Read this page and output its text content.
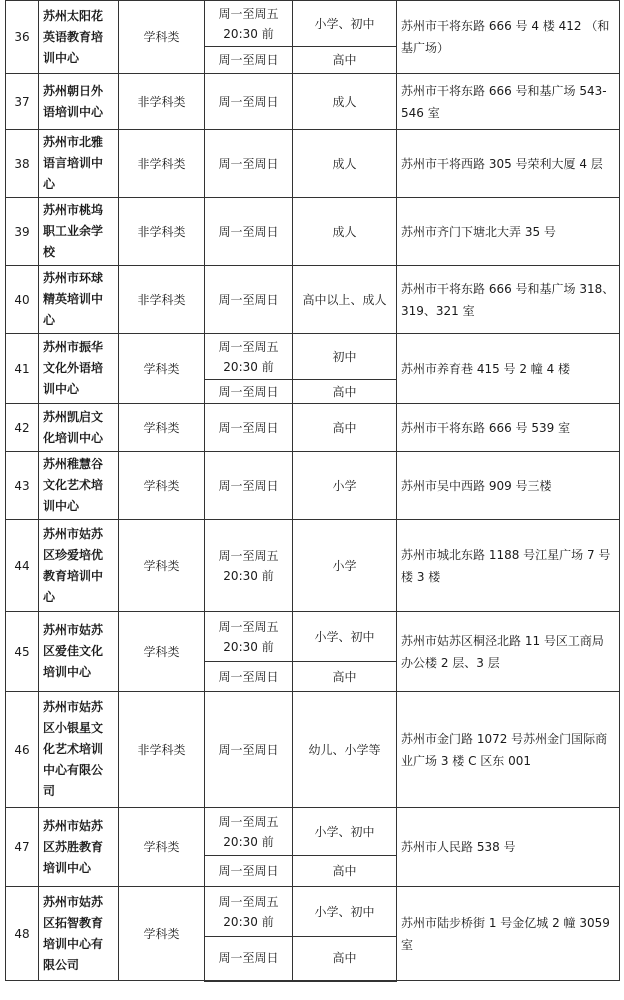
36	苏州太阳花英语教育培训中心	学科类	周一至周五 20:30 前	小学、初中	苏州市干将东路 666 号 4 楼 412 （和基广场）
			周一至周日	高中	
37	苏州朝日外语培训中心	非学科类	周一至周日	成人	苏州市干将东路 666 号和基广场 543-546 室
38	苏州市北雅语言培训中心	非学科类	周一至周日	成人	苏州市干将西路 305 号荣利大厦 4 层
39	苏州市桃坞职工业余学校	非学科类	周一至周日	成人	苏州市齐门下塘北大弄 35 号
40	苏州市环球精英培训中心	非学科类	周一至周日	高中以上、成人	苏州市干将东路 666 号和基广场 318、319、321 室
41	苏州市振华文化外语培训中心	学科类	周一至周五 20:30 前	初中	苏州市养育巷 415 号 2 幢 4 楼
			周一至周日	高中	
42	苏州凯启文化培训中心	学科类	周一至周日	高中	苏州市干将东路 666 号 539 室
43	苏州稚慧谷文化艺术培训中心	学科类	周一至周日	小学	苏州市吴中西路 909 号三楼
44	苏州市姑苏区珍爱培优教育培训中心	学科类	周一至周五 20:30 前	小学	苏州市城北东路 1188 号江星广场 7 号楼 3 楼
45	苏州市姑苏区爱佳文化培训中心	学科类	周一至周五 20:30 前	小学、初中	苏州市姑苏区桐泾北路 11 号区工商局办公楼 2 层、3 层
			周一至周日	高中	
46	苏州市姑苏区小银星文化艺术培训中心有限公司	非学科类	周一至周日	幼儿、小学等	苏州市金门路 1072 号苏州金门国际商业广场 3 楼 C 区东 001
47	苏州市姑苏区苏胜教育培训中心	学科类	周一至周五 20:30 前	小学、初中	苏州市人民路 538 号
			周一至周日	高中	
48	苏州市姑苏区拓智教育培训中心有限公司	学科类	周一至周五 20:30 前	小学、初中	苏州市陆步桥街 1 号金亿城 2 幢 3059 室
			周一至周日	高中	
